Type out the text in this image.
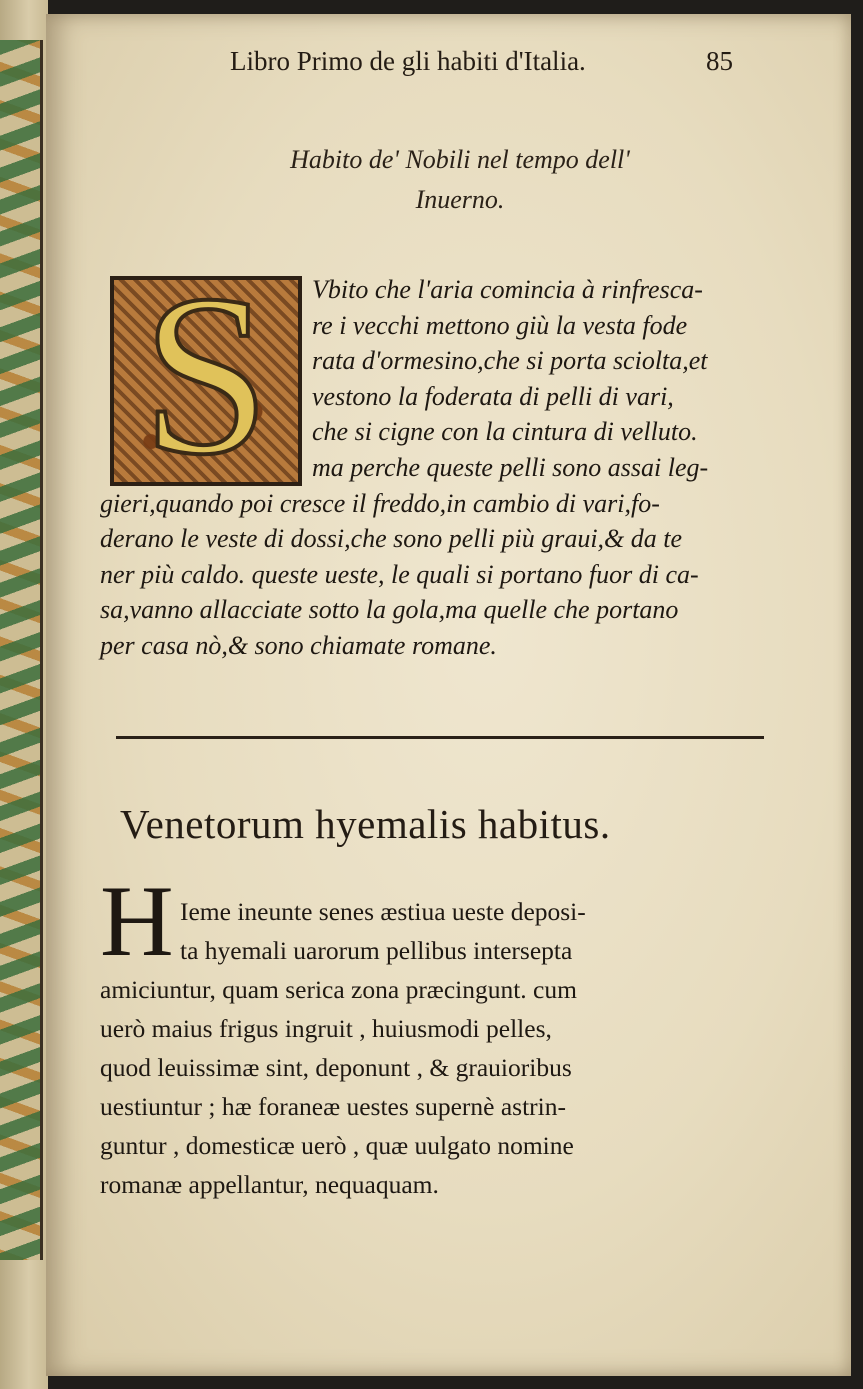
Libro Primo de gli habiti d'Italia.	85
Habito de' Nobili nel tempo dell'
Inuerno.
S	Vbito che l'aria comincia à rinfresca-
re i vecchi mettono giù la vesta fode
rata d'ormesino,che si porta sciolta,et
vestono la foderata di pelli di vari,
che si cigne con la cintura di velluto.
ma perche queste pelli sono assai leg-
gieri,quando poi cresce il freddo,in cambio di vari,fo-
derano le veste di dossi,che sono pelli più graui,& da te
ner più caldo. queste ueste, le quali si portano fuor di ca-
sa,vanno allacciate sotto la gola,ma quelle che portano
per casa nò,& sono chiamate romane.
Venetorum hyemalis habitus.
H Ieme ineunte senes æstiua ueste deposi-
ta hyemali uarorum pellibus intersepta
amiciuntur, quam serica zona præcingunt. cum
uerò maius frigus ingruit , huiusmodi pelles,
quod leuissimæ sint, deponunt , & grauioribus
uestiuntur ; hæ foraneæ uestes supernè astrin-
guntur , domesticæ uerò , quæ uulgato nomine
romanæ appellantur, nequaquam.
